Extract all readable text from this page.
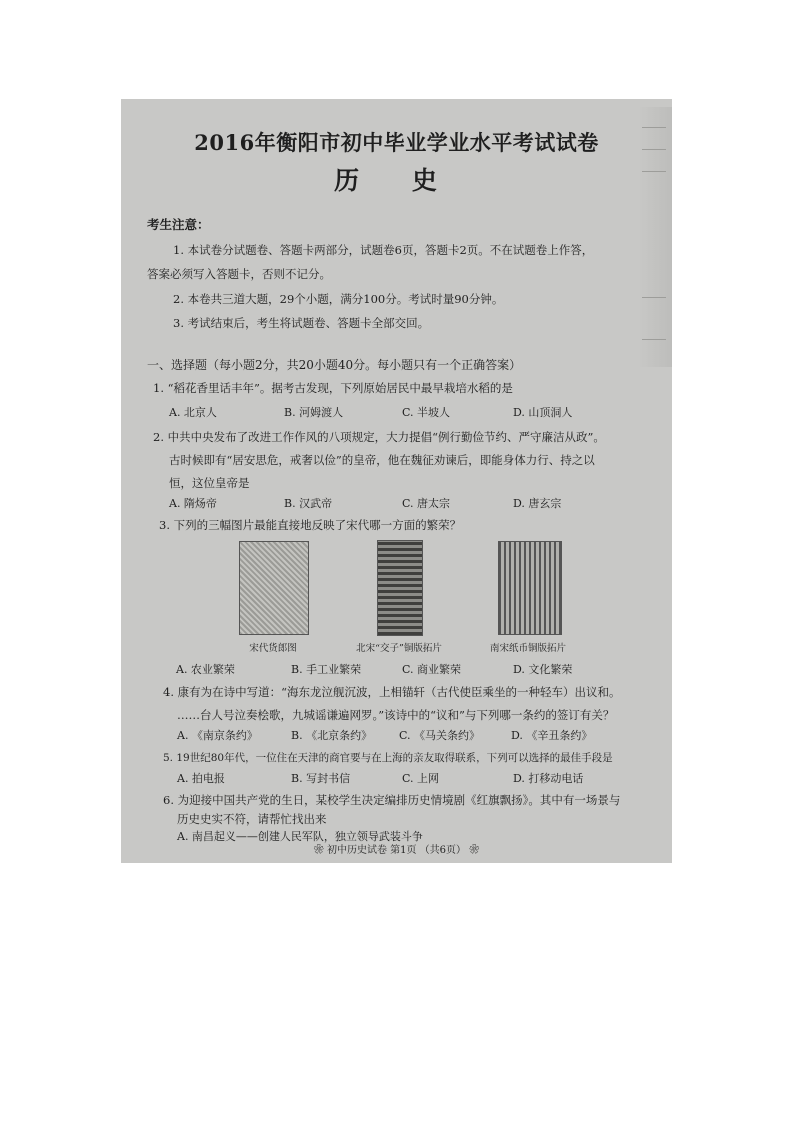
2016年衡阳市初中毕业学业水平考试试卷
历 史
考生注意：
1. 本试卷分试题卷、答题卡两部分，试题卷6页，答题卡2页。不在试题卷上作答，
答案必须写入答题卡，否则不记分。
2. 本卷共三道大题，29个小题，满分100分。考试时量90分钟。
3. 考试结束后，考生将试题卷、答题卡全部交回。
一、选择题（每小题2分，共20小题40分。每小题只有一个正确答案）
1. “稻花香里话丰年”。据考古发现，下列原始居民中最早栽培水稻的是
A. 北京人	B. 河姆渡人	C. 半坡人	D. 山顶洞人
2. 中共中央发布了改进工作作风的八项规定，大力提倡“例行勤俭节约、严守廉洁从政”。
古时候即有“居安思危，戒奢以俭”的皇帝，他在魏征劝谏后，即能身体力行、持之以
恒，这位皇帝是
A. 隋炀帝	B. 汉武帝	C. 唐太宗	D. 唐玄宗
3. 下列的三幅图片最能直接地反映了宋代哪一方面的繁荣？
宋代货郎图	北宋“交子”铜版拓片	南宋纸币铜版拓片
A. 农业繁荣	B. 手工业繁荣	C. 商业繁荣	D. 文化繁荣
4. 康有为在诗中写道：“海东龙泣舰沉波，上相锚轩（古代使臣乘坐的一种轻车）出议和。
……台人号泣奏桧歌，九城谣谦遍网罗。”该诗中的“议和”与下列哪一条约的签订有关？
A. 《南京条约》	B. 《北京条约》 C. 《马关条约》	D. 《辛丑条约》
5. 19世纪80年代，一位住在天津的商官要与在上海的亲友取得联系，下列可以选择的最佳手段是
A. 拍电报	B. 写封书信	C. 上网	D. 打移动电话
6. 为迎接中国共产党的生日，某校学生决定编排历史情境剧《红旗飘扬》。其中有一场景与
历史史实不符，请帮忙找出来
A. 南昌起义——创建人民军队，独立领导武装斗争
❀ 初中历史试卷 第1页 （共6页） ❀
